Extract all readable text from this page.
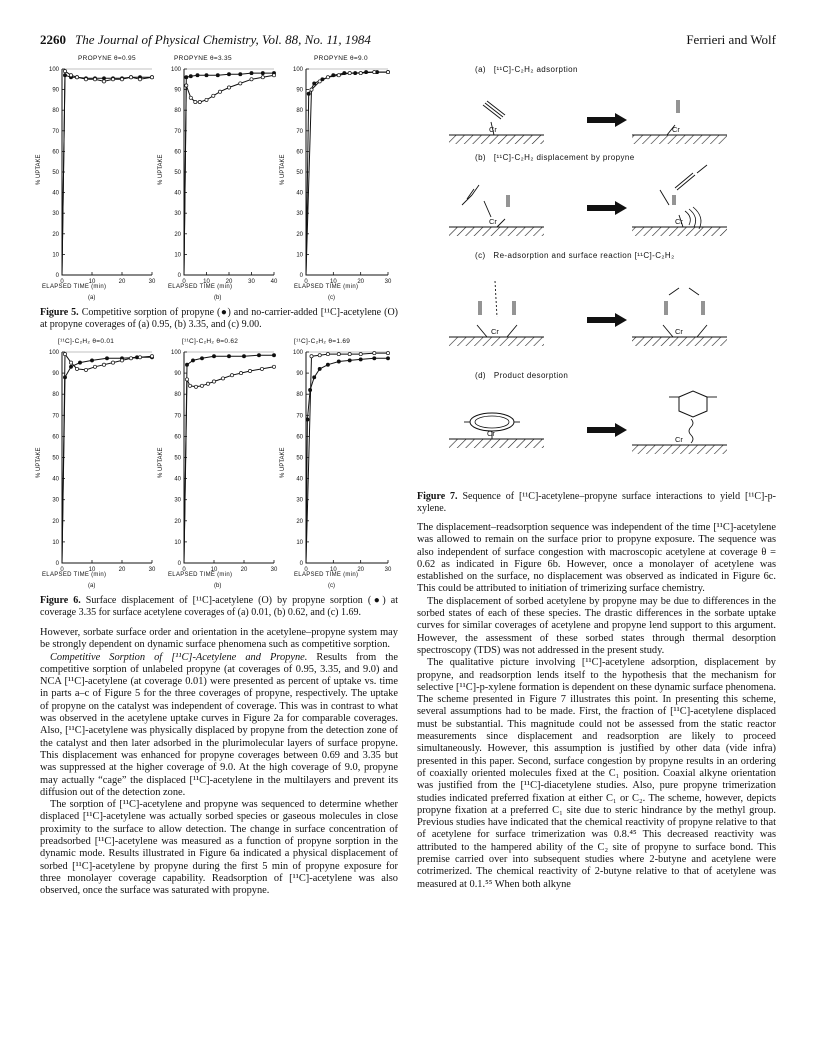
2260 The Journal of Physical Chemistry, Vol. 88, No. 11, 1984	Ferrieri and Wolf
PROPYNE θ=0.95
% UPTAKE
0
10
20
30
40
50
60
70
80
90
100
0	10	20	30
ELAPSED TIME (min)
(a)
PROPYNE θ=3.35
% UPTAKE
0
10
20
30
40
50
60
70
80
90
100
0	10	20	30	40
ELAPSED TIME (min)
(b)
PROPYNE θ=9.0
% UPTAKE
0
10
20
30
40
50
60
70
80
90
100
0	10	20	30
ELAPSED TIME (min)
(c)
Figure 5. Competitive sorption of propyne (●) and no-carrier-added [¹¹C]-acetylene (O) at propyne coverages of (a) 0.95, (b) 3.35, and (c) 9.00.
[¹¹C]-C₂H₂ θ=0.01
% UPTAKE
0
10
20
30
40
50
60
70
80
90
100
0	10	20	30
ELAPSED TIME (min)
(a)
[¹¹C]-C₂H₂ θ=0.62
% UPTAKE
0
10
20
30
40
50
60
70
80
90
100
0	10	20	30
ELAPSED TIME (min)
(b)
[¹¹C]-C₂H₂ θ=1.69
% UPTAKE
0
10
20
30
40
50
60
70
80
90
100
0	10	20	30
ELAPSED TIME (min)
(c)
Figure 6. Surface displacement of [¹¹C]-acetylene (O) by propyne sorption (●) at coverage 3.35 for surface acetylene coverages of (a) 0.01, (b) 0.62, and (c) 1.69.

However, sorbate surface order and orientation in the acetylene–propyne system may be strongly dependent on dynamic surface phenomena such as competitive sorption.

Competitive Sorption of [¹¹C]-Acetylene and Propyne. Results from the competitive sorption of unlabeled propyne (at coverages of 0.95, 3.35, and 9.0) and NCA [¹¹C]-acetylene (at coverage 0.01) were presented as percent of uptake vs. time in parts a–c of Figure 5 for the three coverages of propyne, respectively. The uptake of propyne on the catalyst was independent of coverage. This was in contrast to what was observed in the acetylene uptake curves in Figure 2a for comparable coverages. Also, [¹¹C]-acetylene was physically displaced by propyne from the detection zone of the catalyst and then later adsorbed in the plurimolecular layers of surface propyne. This displacement was enhanced for propyne coverages between 0.69 and 3.35 but was suppressed at the higher coverage of 9.0. At the high coverage of 9.0, propyne may actually “cage” the displaced [¹¹C]-acetylene in the multilayers and prevent its diffusion out of the detection zone.

The sorption of [¹¹C]-acetylene and propyne was sequenced to determine whether displaced [¹¹C]-acetylene was actually sorbed species or gaseous molecules in close proximity to the surface to allow detection. The change in surface concentration of preadsorbed [¹¹C]-acetylene was measured as a function of propyne sorption in the dynamic mode. Results illustrated in Figure 6a indicated a physical displacement of sorbed [¹¹C]-acetylene by propyne during the first 5 min of propyne exposure for three monolayer coverage capability. Readsorption of [¹¹C]-acetylene was also observed, once the surface was saturated with propyne.

(a) [¹¹C]-C₂H₂ adsorption
(b) [¹¹C]-C₂H₂ displacement by propyne
(c) Re-adsorption and surface reaction [¹¹C]-C₂H₂
(d) Product desorption
Cr	Cr
Cr	Cr
Cr	Cr
Cr
Cr
Figure 7. Sequence of [¹¹C]-acetylene–propyne surface interactions to yield [¹¹C]-p-xylene.

The displacement–readsorption sequence was independent of the time [¹¹C]-acetylene was allowed to remain on the surface prior to propyne exposure. The sequence was also independent of surface congestion with macroscopic acetylene at coverage θ = 0.62 as indicated in Figure 6b. However, once a monolayer of acetylene was established on the surface, no displacement was observed as indicated in Figure 6c. This could be attributed to initiation of trimerizing surface chemistry.

The displacement of sorbed acetylene by propyne may be due to differences in the sorbed states of each of these species. The drastic differences in the sorbate uptake curves for similar coverages of acetylene and propyne lend support to this argument. However, the assessment of these sorbed states through thermal desorption spectroscopy (TDS) was not addressed in the present study.

The qualitative picture involving [¹¹C]-acetylene adsorption, displacement by propyne, and readsorption lends itself to the hypothesis that the mechanism for selective [¹¹C]-p-xylene formation is dependent on these dynamic surface phenomena. The scheme presented in Figure 7 illustrates this point. In presenting this scheme, several assumptions had to be made. First, the fraction of [¹¹C]-acetylene displaced must be substantial. This magnitude could not be assessed from the static reactor measurements since displacement and readsorption are likely to proceed simultaneously. However, this assumption is justified by other data (vide infra) presented in this paper. Second, surface congestion by propyne results in an ordering of coaxially oriented molecules fixed at the C₁ position. Coaxial alkyne orientation was justified from the [¹¹C]-diacetylene studies. Also, pure propyne trimerization studies indicated preferred fixation at either C₁ or C₂. The scheme, however, depicts propyne fixation at a preferred C₁ site due to steric hindrance by the methyl group. Previous studies have indicated that the chemical reactivity of propyne relative to that of acetylene for surface trimerization was 0.8.⁴⁵ This decreased reactivity was attributed to the hampered ability of the C₂ site of propyne to surface bond. This premise carried over into subsequent studies where 2-butyne and acetylene were cotrimerized. The chemical reactivity of 2-butyne relative to that of acetylene was measured at 0.1.⁵⁵ When both alkyne
